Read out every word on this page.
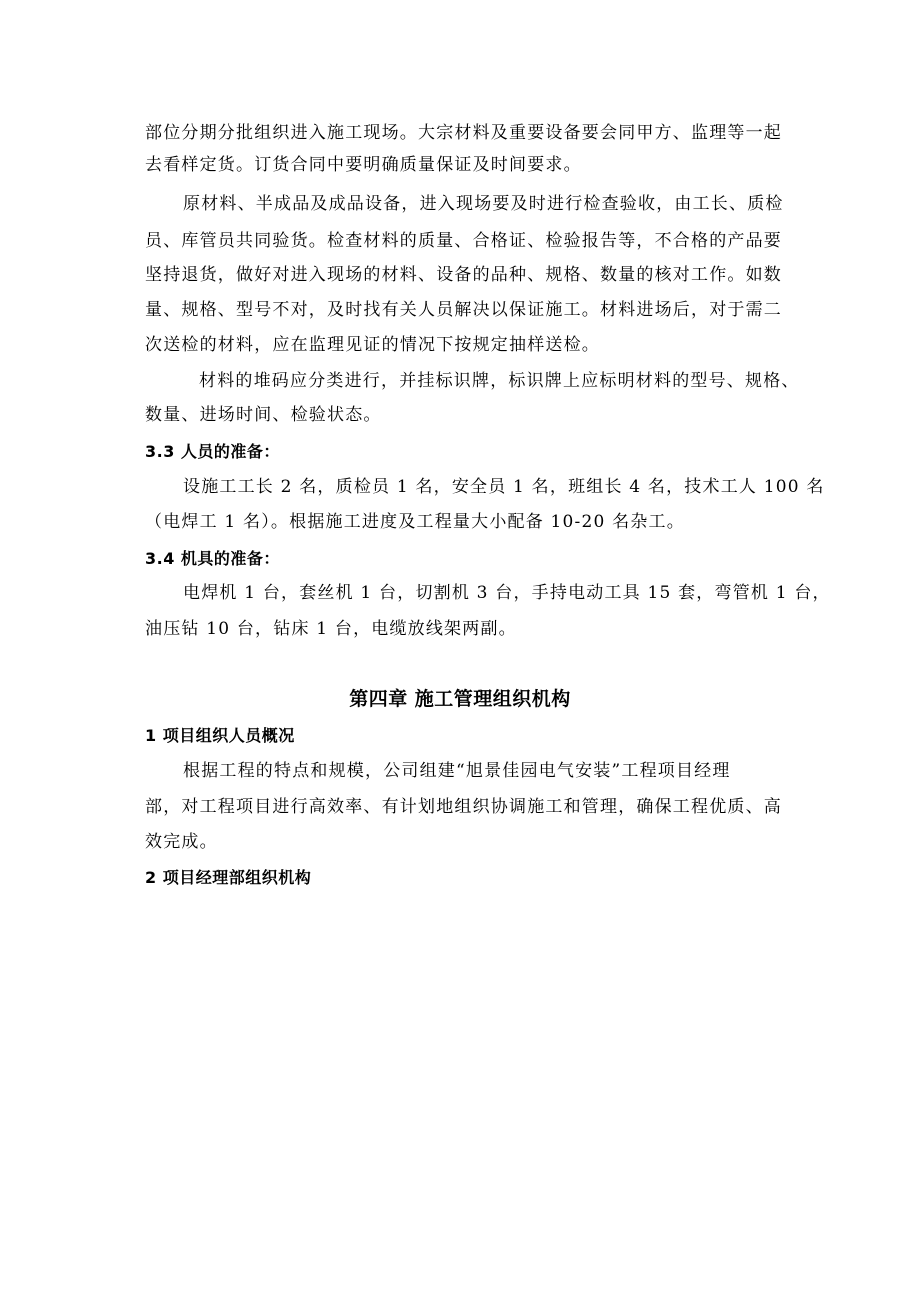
部位分期分批组织进入施工现场。大宗材料及重要设备要会同甲方、监理等一起
去看样定货。订货合同中要明确质量保证及时间要求。
原材料、半成品及成品设备，进入现场要及时进行检查验收，由工长、质检
员、库管员共同验货。检查材料的质量、合格证、检验报告等，不合格的产品要
坚持退货，做好对进入现场的材料、设备的品种、规格、数量的核对工作。如数
量、规格、型号不对，及时找有关人员解决以保证施工。材料进场后，对于需二
次送检的材料，应在监理见证的情况下按规定抽样送检。
材料的堆码应分类进行，并挂标识牌，标识牌上应标明材料的型号、规格、
数量、进场时间、检验状态。
3.3 人员的准备：
设施工工长 2 名，质检员 1 名，安全员 1 名，班组长 4 名，技术工人 100 名
（电焊工 1 名）。根据施工进度及工程量大小配备 10-20 名杂工。
3.4 机具的准备：
电焊机 1 台，套丝机 1 台，切割机 3 台，手持电动工具 15 套，弯管机 1 台，
油压钻 10 台，钻床 1 台，电缆放线架两副。
第四章 施工管理组织机构
1 项目组织人员概况
根据工程的特点和规模，公司组建“旭景佳园电气安装”工程项目经理
部，对工程项目进行高效率、有计划地组织协调施工和管理，确保工程优质、高
效完成。
2 项目经理部组织机构
